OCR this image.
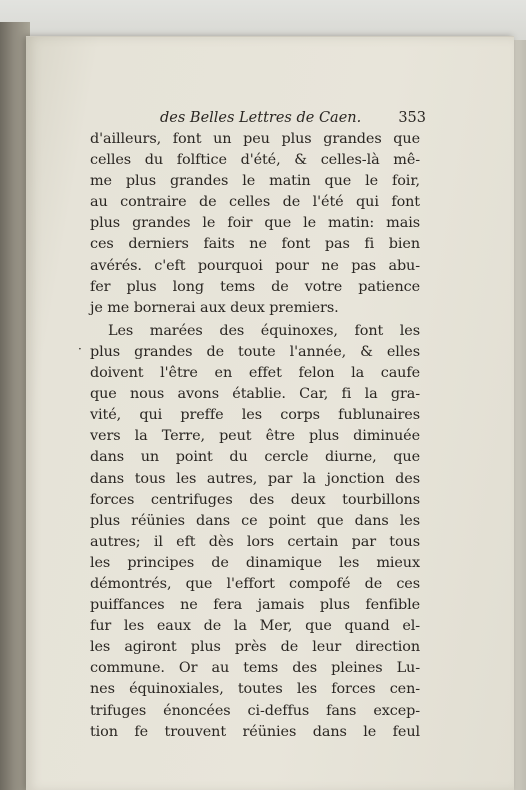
des Belles Lettres de Caen.	353
d'ailleurs, font un peu plus grandes que
celles du folftice d'été, & celles-là mê-
me plus grandes le matin que le foir,
au contraire de celles de l'été qui font
plus grandes le foir que le matin: mais
ces derniers faits ne font pas fi bien
avérés. c'eft pourquoi pour ne pas abu-
fer plus long tems de votre patience
je me bornerai aux deux premiers.
Les marées des équinoxes, font les
· plus grandes de toute l'année, & elles
doivent l'être en effet felon la caufe
que nous avons établie. Car, fi la gra-
vité, qui preffe les corps fublunaires
vers la Terre, peut être plus diminuée
dans un point du cercle diurne, que
dans tous les autres, par la jonction des
forces centrifuges des deux tourbillons
plus réünies dans ce point que dans les
autres; il eft dès lors certain par tous
les principes de dinamique les mieux
démontrés, que l'effort compofé de ces
puiffances ne fera jamais plus fenfible
fur les eaux de la Mer, que quand el-
les agiront plus près de leur direction
commune. Or au tems des pleines Lu-
nes équinoxiales, toutes les forces cen-
trifuges énoncées ci-deffus fans excep-
tion fe trouvent réünies dans le feul
